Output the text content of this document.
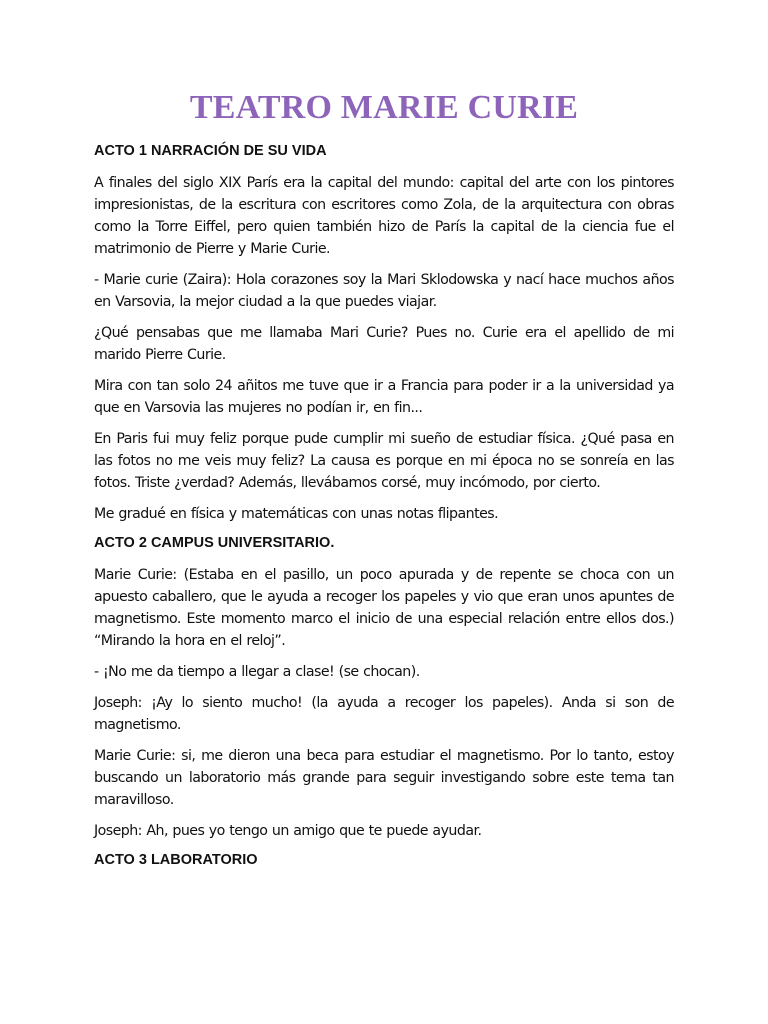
TEATRO MARIE CURIE
ACTO 1 NARRACIÓN DE SU VIDA

A finales del siglo XIX París era la capital del mundo: capital del arte con los pintores impresionistas, de la escritura con escritores como Zola, de la arquitectura con obras como la Torre Eiffel, pero quien también hizo de París la capital de la ciencia fue el matrimonio de Pierre y Marie Curie.

- Marie curie (Zaira): Hola corazones soy la Mari Sklodowska y nací hace muchos años en Varsovia, la mejor ciudad a la que puedes viajar.

¿Qué pensabas que me llamaba Mari Curie? Pues no. Curie era el apellido de mi marido Pierre Curie.

Mira con tan solo 24 añitos me tuve que ir a Francia para poder ir a la universidad ya que en Varsovia las mujeres no podían ir, en fin...

En Paris fui muy feliz porque pude cumplir mi sueño de estudiar física. ¿Qué pasa en las fotos no me veis muy feliz? La causa es porque en mi época no se sonreía en las fotos. Triste ¿verdad? Además, llevábamos corsé, muy incómodo, por cierto.

Me gradué en física y matemáticas con unas notas flipantes.

ACTO 2 CAMPUS UNIVERSITARIO.

Marie Curie: (Estaba en el pasillo, un poco apurada y de repente se choca con un apuesto caballero, que le ayuda a recoger los papeles y vio que eran unos apuntes de magnetismo. Este momento marco el inicio de una especial relación entre ellos dos.) “Mirando la hora en el reloj”.

- ¡No me da tiempo a llegar a clase! (se chocan).

Joseph: ¡Ay lo siento mucho! (la ayuda a recoger los papeles). Anda si son de magnetismo.

Marie Curie: si, me dieron una beca para estudiar el magnetismo. Por lo tanto, estoy buscando un laboratorio más grande para seguir investigando sobre este tema tan maravilloso.

Joseph: Ah, pues yo tengo un amigo que te puede ayudar.

ACTO 3 LABORATORIO
